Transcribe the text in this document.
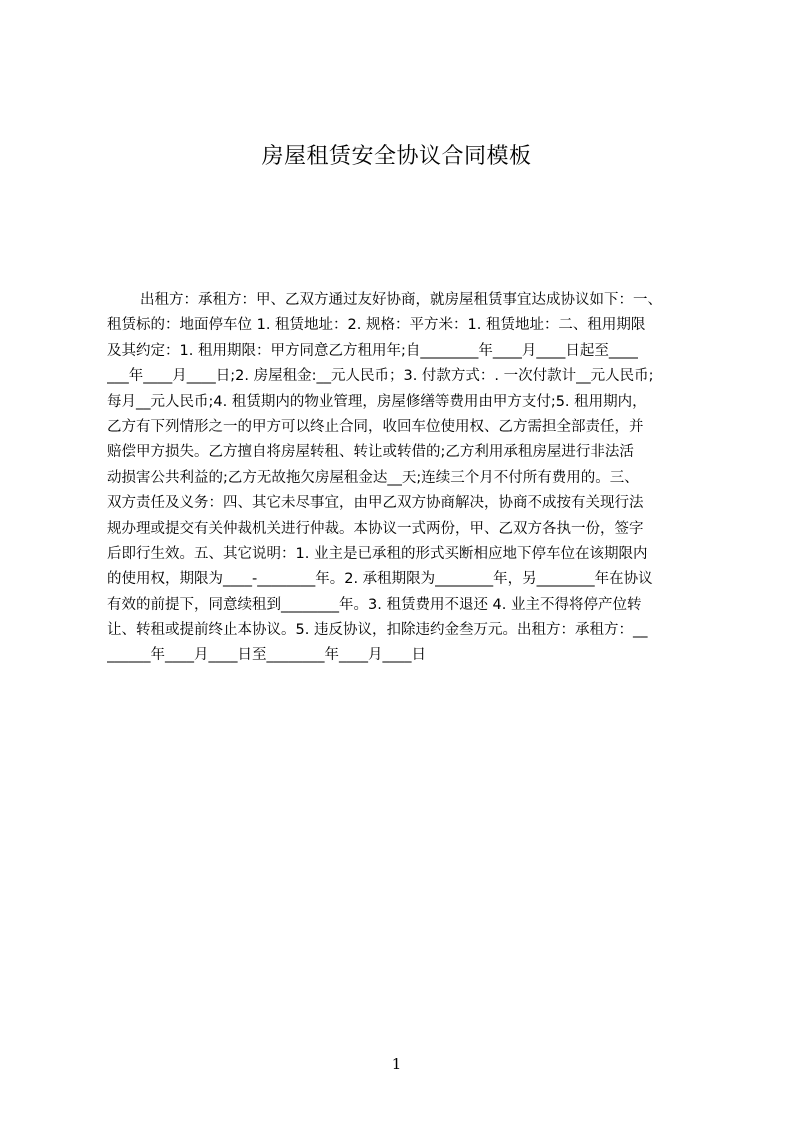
房屋租赁安全协议合同模板
出租方：承租方：甲、乙双方通过友好协商，就房屋租赁事宜达成协议如下：一、
租赁标的：地面停车位 1. 租赁地址：2. 规格：平方米：1. 租赁地址：二、租用期限
及其约定：1. 租用期限：甲方同意乙方租用年;自________年____月____日起至____
___年____月____日;2. 房屋租金:__元人民币；3. 付款方式：. 一次付款计__元人民币;
每月__元人民币;4. 租赁期内的物业管理，房屋修缮等费用由甲方支付;5. 租用期内，
乙方有下列情形之一的甲方可以终止合同，收回车位使用权、乙方需担全部责任，并
赔偿甲方损失。乙方擅自将房屋转租、转让或转借的;乙方利用承租房屋进行非法活
动损害公共利益的;乙方无故拖欠房屋租金达__天;连续三个月不付所有费用的。三、
双方责任及义务：四、其它未尽事宜，由甲乙双方协商解决，协商不成按有关现行法
规办理或提交有关仲裁机关进行仲裁。本协议一式两份，甲、乙双方各执一份，签字
后即行生效。五、其它说明：1. 业主是已承租的形式买断相应地下停车位在该期限内
的使用权，期限为____-________年。2. 承租期限为________年，另________年在协议
有效的前提下，同意续租到________年。3. 租赁费用不退还 4. 业主不得将停产位转
让、转租或提前终止本协议。5. 违反协议，扣除违约金叁万元。出租方：承租方：__
______年____月____日至________年____月____日
1
